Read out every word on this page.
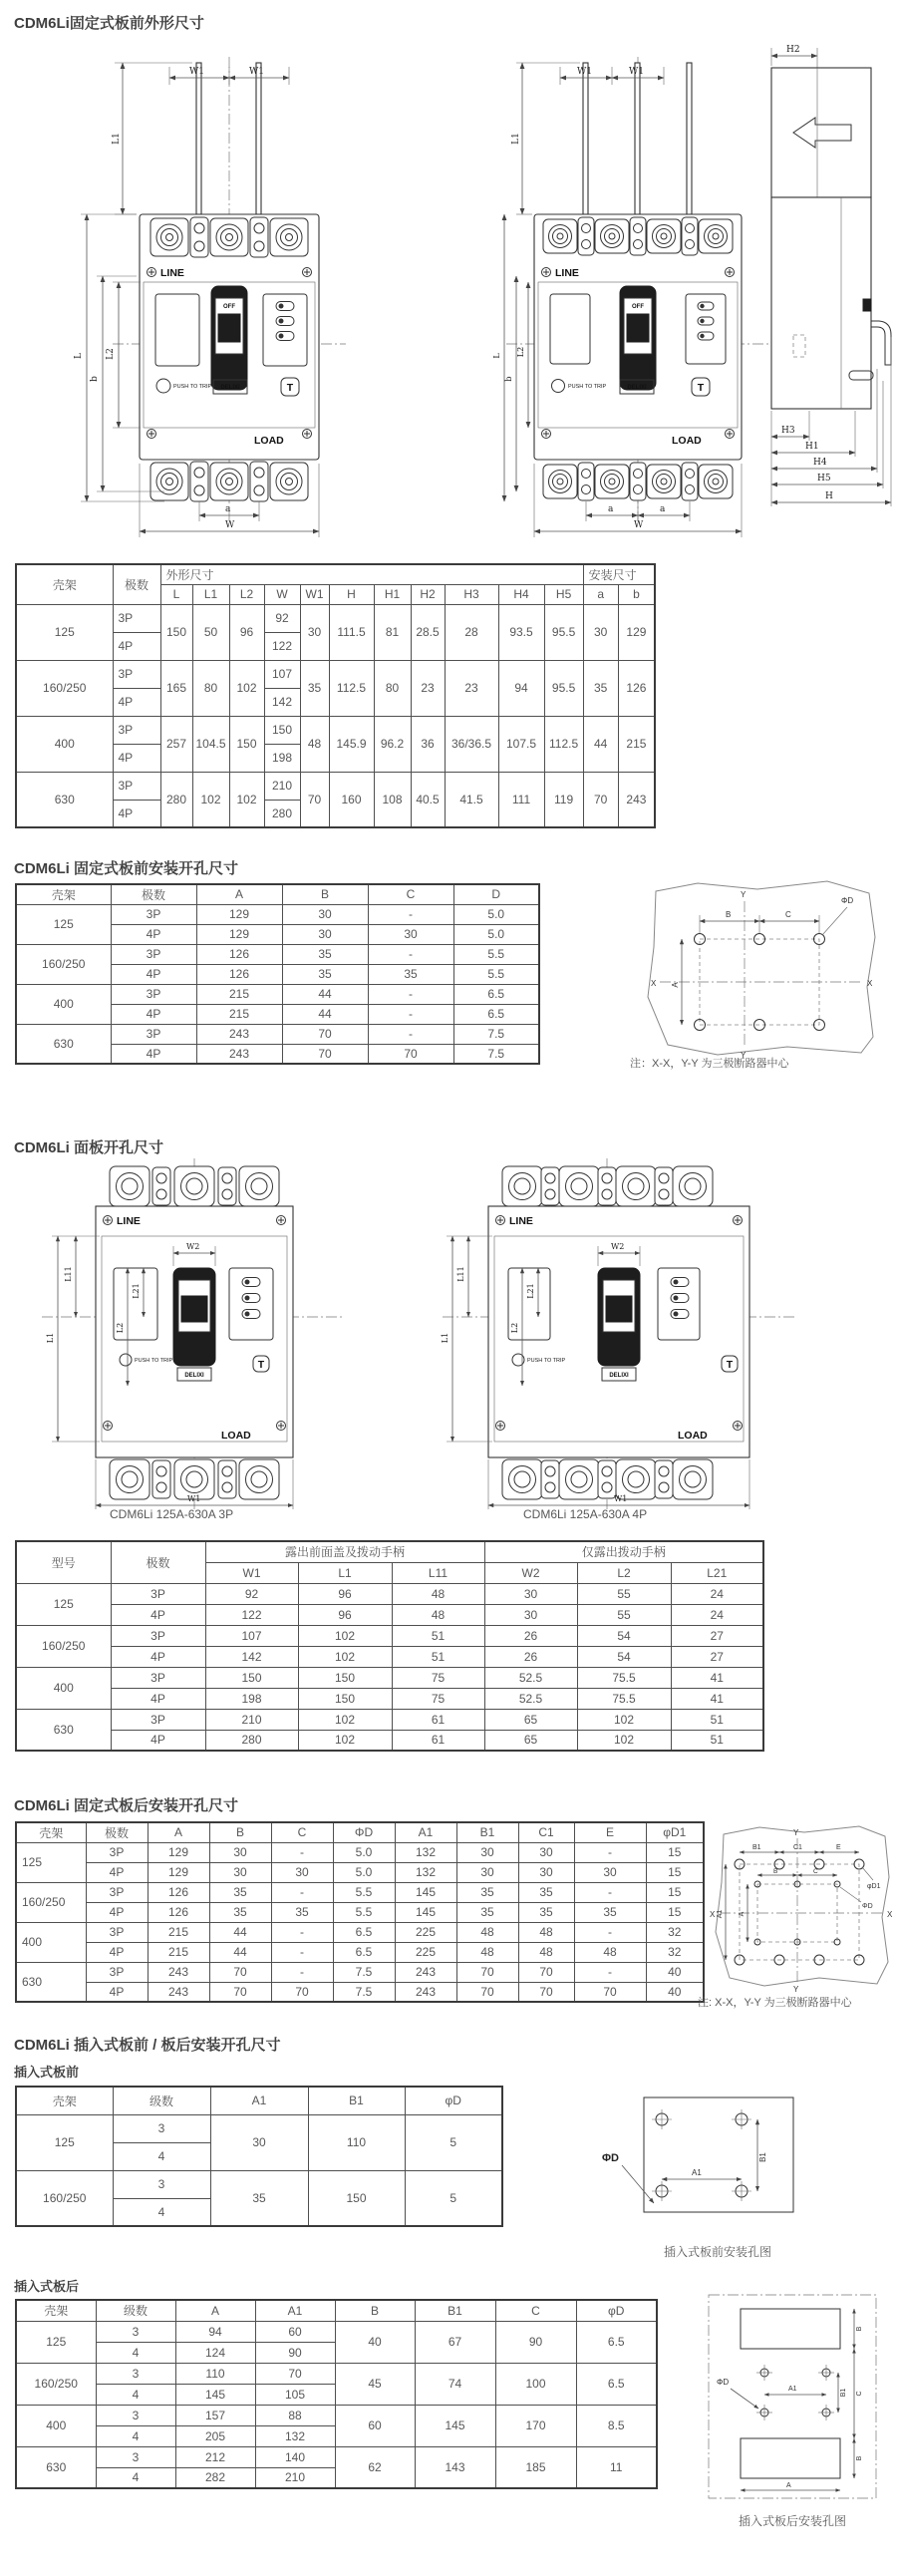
CDM6Li固定式板前外形尺寸
W1	W1
L1
LINE
OFF
PUSH TO TRIP DELIXI	T
LOAD
a
W
L
b
L2
W1	W1
L1
LINE
OFF
PUSH TO TRIP	DELIXI	T
LOAD
a	a
W
L
b
L2
H2
H3
H1
H4
H5
H
壳架	极数	外形尺寸											安装尺寸	
		L	L1	L2	W	W1	H	H1	H2	H3	H4	H5	a	b
125	3P	150	50	96	92	30	111.5	81	28.5	28	93.5	95.5	30	129
	4P				122									
160/250	3P	165	80	102	107	35	112.5	80	23	23	94	95.5	35	126
	4P				142									
400	3P	257	104.5	150	150	48	145.9	96.2	36	36/36.5	107.5	112.5	44	215
	4P				198									
630	3P	280	102	102	210	70	160	108	40.5	41.5	111	119	70	243
	4P				280									
CDM6Li 固定式板前安装开孔尺寸
壳架	极数	A	B	C	D
125	3P	129	30	-	5.0
	4P	129	30	30	5.0
160/250	3P	126	35	-	5.5
	4P	126	35	35	5.5
400	3P	215	44	-	6.5
	4P	215	44	-	6.5
630	3P	243	70	-	7.5
	4P	243	70	70	7.5
B	C
A
ΦD
Y
Y
X	X
注：X-X，Y-Y 为三极断路器中心
CDM6Li 面板开孔尺寸
LINE
PUSH TO TRIP
DELIXI
T
LOAD
W2
L11
L1
L2
L21
W1
LINE
PUSH TO TRIP
DELIXI
T
LOAD
W2
L11
L1
L2
L21
W1
CDM6Li 125A-630A 3P	CDM6Li 125A-630A 4P
型号	极数	露出前面盖及拨动手柄			仅露出拨动手柄		
		W1	L1	L11	W2	L2	L21
125	3P	92	96	48	30	55	24
	4P	122	96	48	30	55	24
160/250	3P	107	102	51	26	54	27
	4P	142	102	51	26	54	27
400	3P	150	150	75	52.5	75.5	41
	4P	198	150	75	52.5	75.5	41
630	3P	210	102	61	65	102	51
	4P	280	102	61	65	102	51
CDM6Li 固定式板后安装开孔尺寸
壳架	极数	A	B	C	ΦD	A1	B1	C1	E	φD1
125	3P	129	30	-	5.0	132	30	30	-	15
	4P	129	30	30	5.0	132	30	30	30	15
160/250	3P	126	35	-	5.5	145	35	35	-	15
	4P	126	35	35	5.5	145	35	35	35	15
400	3P	215	44	-	6.5	225	48	48	-	32
	4P	215	44	-	6.5	225	48	48	48	32
630	3P	243	70	-	7.5	243	70	70	-	40
	4P	243	70	70	7.5	243	70	70	70	40
B1	C1	E
B	C
A1 A
ΦD
φD1
Y
Y
X	X
注: X-X，Y-Y 为三极断路器中心
CDM6Li 插入式板前 / 板后安装开孔尺寸
插入式板前
壳架	级数	A1	B1	φD
125	3	30	110	5
	4			
160/250	3	35	150	5
	4			
ΦD
A1
B1
插入式板前安装孔图
插入式板后
壳架	级数	A	A1	B	B1	C	φD
125	3	94	60	40	67	90	6.5
	4	124	90				
160/250	3	110	70	45	74	100	6.5
	4	145	105				
400	3	157	88	60	145	170	8.5
	4	205	132				
630	3	212	140	62	143	185	11
	4	282	210				
ΦD
A1	B1
B
C
B
A
插入式板后安装孔图
